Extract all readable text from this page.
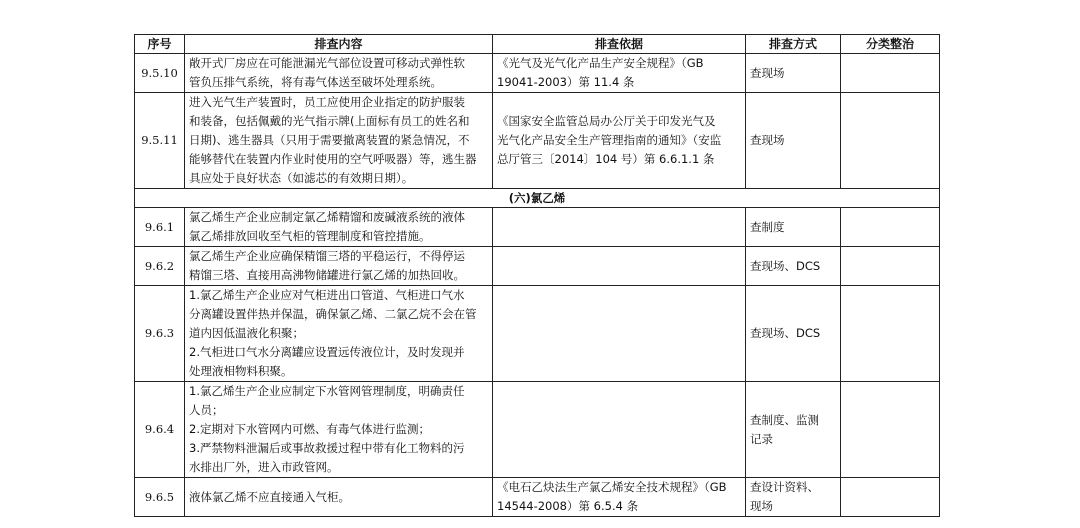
序号	排查内容	排查依据	排查方式	分类整治
9.5.10	敞开式厂房应在可能泄漏光气部位设置可移动式弹性软
管负压排气系统，将有毒气体送至破坏处理系统。	《光气及光气化产品生产安全规程》（GB
19041-2003）第 11.4 条	查现场	

9.5.11	进入光气生产装置时，员工应使用企业指定的防护服装
和装备，包括佩戴的光气指示牌(上面标有员工的姓名和
日期)、逃生器具（只用于需要撤离装置的紧急情况，不
能够替代在装置内作业时使用的空气呼吸器）等，逃生器
具应处于良好状态（如滤芯的有效期日期）。	《国家安全监管总局办公厅关于印发光气及
光气化产品安全生产管理指南的通知》（安监
总厅管三〔2014〕104 号）第 6.6.1.1 条	查现场	

(六)氯乙烯				
9.6.1	氯乙烯生产企业应制定氯乙烯精馏和废碱液系统的液体
氯乙烯排放回收至气柜的管理制度和管控措施。		查制度	

9.6.2	氯乙烯生产企业应确保精馏三塔的平稳运行，不得停运
精馏三塔、直接用高沸物储罐进行氯乙烯的加热回收。		查现场、DCS	

9.6.3	1.氯乙烯生产企业应对气柜进出口管道、气柜进口气水
分离罐设置伴热并保温，确保氯乙烯、二氯乙烷不会在管
道内因低温液化积聚；
2.气柜进口气水分离罐应设置远传液位计，及时发现并
处理液相物料积聚。		查现场、DCS	

9.6.4	1.氯乙烯生产企业应制定下水管网管理制度，明确责任
人员；
2.定期对下水管网内可燃、有毒气体进行监测；
3.严禁物料泄漏后或事故救援过程中带有化工物料的污
水排出厂外，进入市政管网。		查制度、监测
记录	

9.6.5	液体氯乙烯不应直接通入气柜。	《电石乙炔法生产氯乙烯安全技术规程》（GB
14544-2008）第 6.5.4 条	查设计资料、
现场	
